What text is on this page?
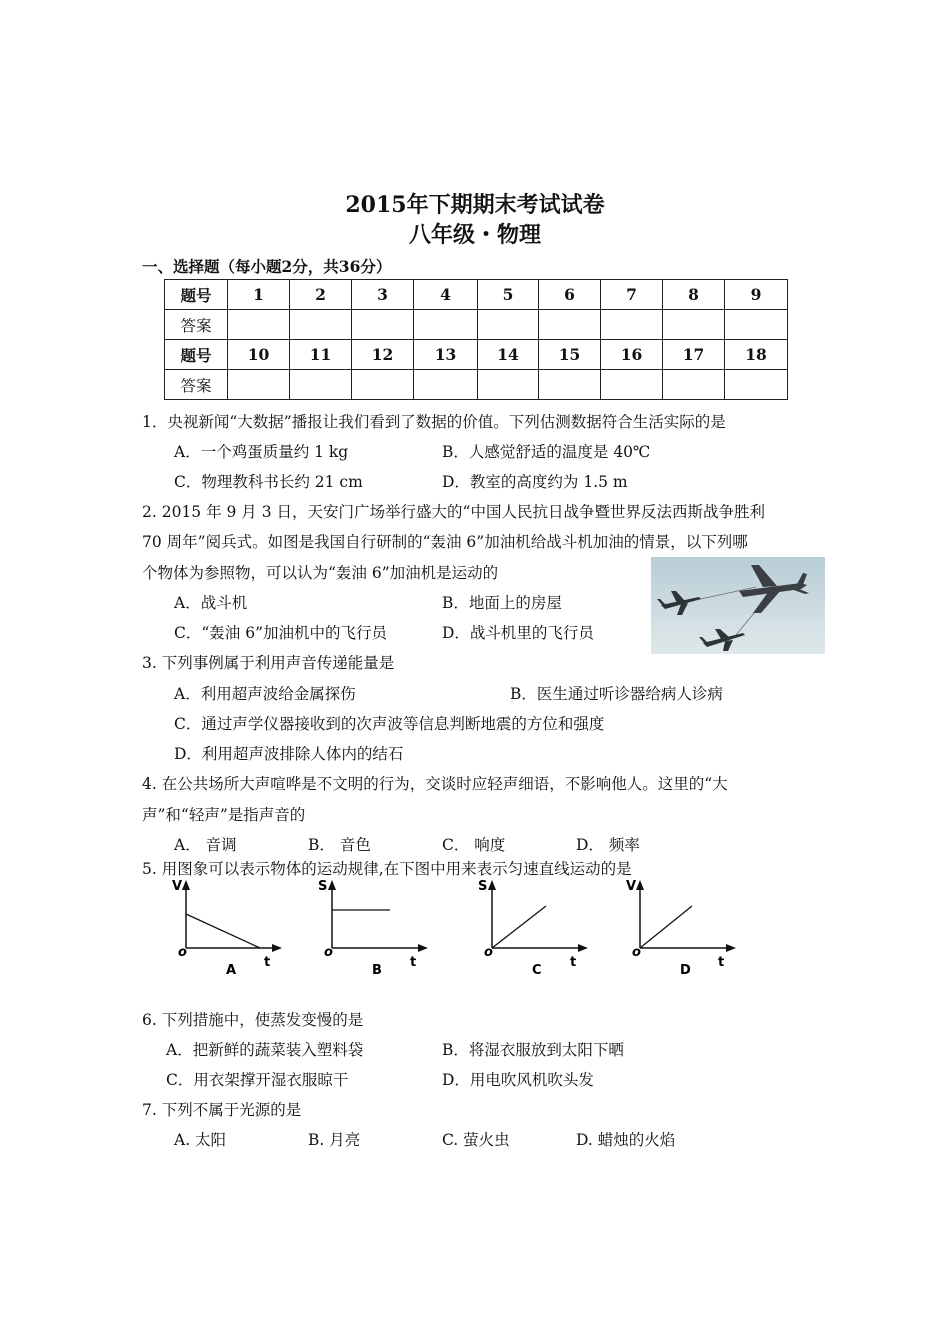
2015年下期期末考试试卷
八年级・物理
一、选择题（每小题2分，共36分）
题号	1	2	3	4	5	6	7	8	9
答案									
题号	10	11	12	13	14	15	16	17	18
答案									
1．央视新闻“大数据”播报让我们看到了数据的价值。下列估测数据符合生活实际的是
A．一个鸡蛋质量约 1 kg	B．人感觉舒适的温度是 40℃
C．物理教科书长约 21 cm	D．教室的高度约为 1.5 m
2. 2015 年 9 月 3 日，天安门广场举行盛大的“中国人民抗日战争暨世界反法西斯战争胜利
70 周年”阅兵式。如图是我国自行研制的“轰油 6”加油机给战斗机加油的情景，以下列哪
个物体为参照物，可以认为“轰油 6”加油机是运动的
A．战斗机	B．地面上的房屋
C．“轰油 6”加油机中的飞行员	D．战斗机里的飞行员
3. 下列事例属于利用声音传递能量是
A．利用超声波给金属探伤	B．医生通过听诊器给病人诊病
C．通过声学仪器接收到的次声波等信息判断地震的方位和强度
D．利用超声波排除人体内的结石
4. 在公共场所大声喧哗是不文明的行为，交谈时应轻声细语，不影响他人。这里的“大
声”和“轻声”是指声音的
A． 音调	B． 音色	C． 响度	D． 频率
5. 用图象可以表示物体的运动规律,在下图中用来表示匀速直线运动的是
V
o
t
A
S
o
t
B
S
o
t
C
V
o
t
D
6. 下列措施中，使蒸发变慢的是
A．把新鲜的蔬菜装入塑料袋	B．将湿衣服放到太阳下晒
C．用衣架撑开湿衣服晾干	D．用电吹风机吹头发
7. 下列不属于光源的是
A. 太阳	B. 月亮	C. 萤火虫	D. 蜡烛的火焰
